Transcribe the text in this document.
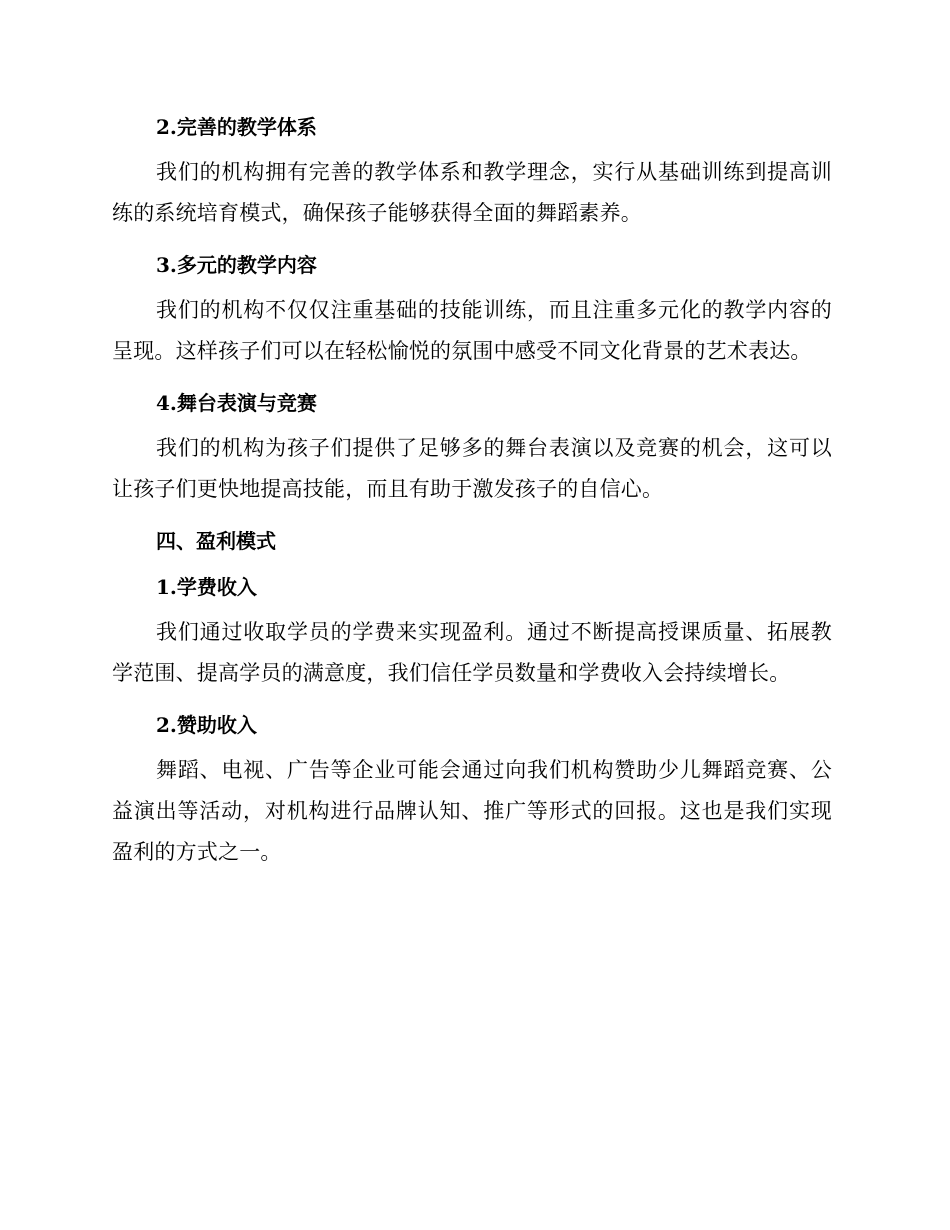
2.完善的教学体系

我们的机构拥有完善的教学体系和教学理念，实行从基础训练到提高训练的系统培育模式，确保孩子能够获得全面的舞蹈素养。

3.多元的教学内容

我们的机构不仅仅注重基础的技能训练，而且注重多元化的教学内容的呈现。这样孩子们可以在轻松愉悦的氛围中感受不同文化背景的艺术表达。

4.舞台表演与竞赛

我们的机构为孩子们提供了足够多的舞台表演以及竞赛的机会，这可以让孩子们更快地提高技能，而且有助于激发孩子的自信心。

四、盈利模式
1.学费收入

我们通过收取学员的学费来实现盈利。通过不断提高授课质量、拓展教学范围、提高学员的满意度，我们信任学员数量和学费收入会持续增长。

2.赞助收入

舞蹈、电视、广告等企业可能会通过向我们机构赞助少儿舞蹈竞赛、公益演出等活动，对机构进行品牌认知、推广等形式的回报。这也是我们实现盈利的方式之一。
